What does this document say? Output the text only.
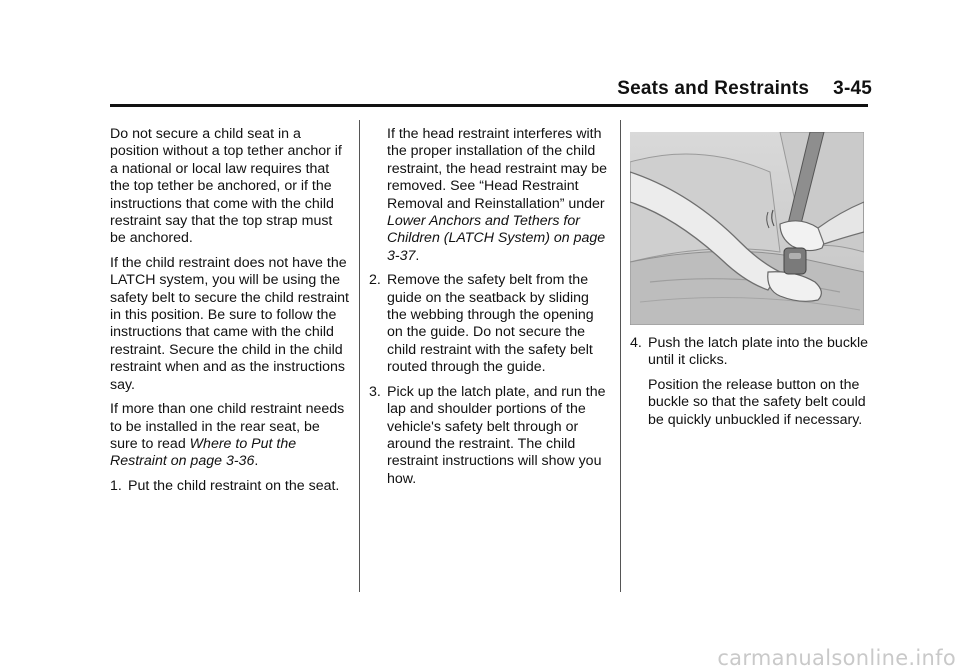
Seats and Restraints 3-45

Do not secure a child seat in a position without a top tether anchor if a national or local law requires that the top tether be anchored, or if the instructions that come with the child restraint say that the top strap must be anchored.

If the child restraint does not have the LATCH system, you will be using the safety belt to secure the child restraint in this position. Be sure to follow the instructions that came with the child restraint. Secure the child in the child restraint when and as the instructions say.

If more than one child restraint needs to be installed in the rear seat, be sure to read Where to Put the Restraint on page 3-36.

1. Put the child restraint on the seat.

If the head restraint interferes with the proper installation of the child restraint, the head restraint may be removed. See “Head Restraint Removal and Reinstallation” under Lower Anchors and Tethers for Children (LATCH System) on page 3-37.

2. Remove the safety belt from the guide on the seatback by sliding the webbing through the opening on the guide. Do not secure the child restraint with the safety belt routed through the guide.
3. Pick up the latch plate, and run the lap and shoulder portions of the vehicle's safety belt through or around the restraint. The child restraint instructions will show you how.
4. Push the latch plate into the buckle until it clicks.

Position the release button on the buckle so that the safety belt could be quickly unbuckled if necessary.

carmanualsonline.info
